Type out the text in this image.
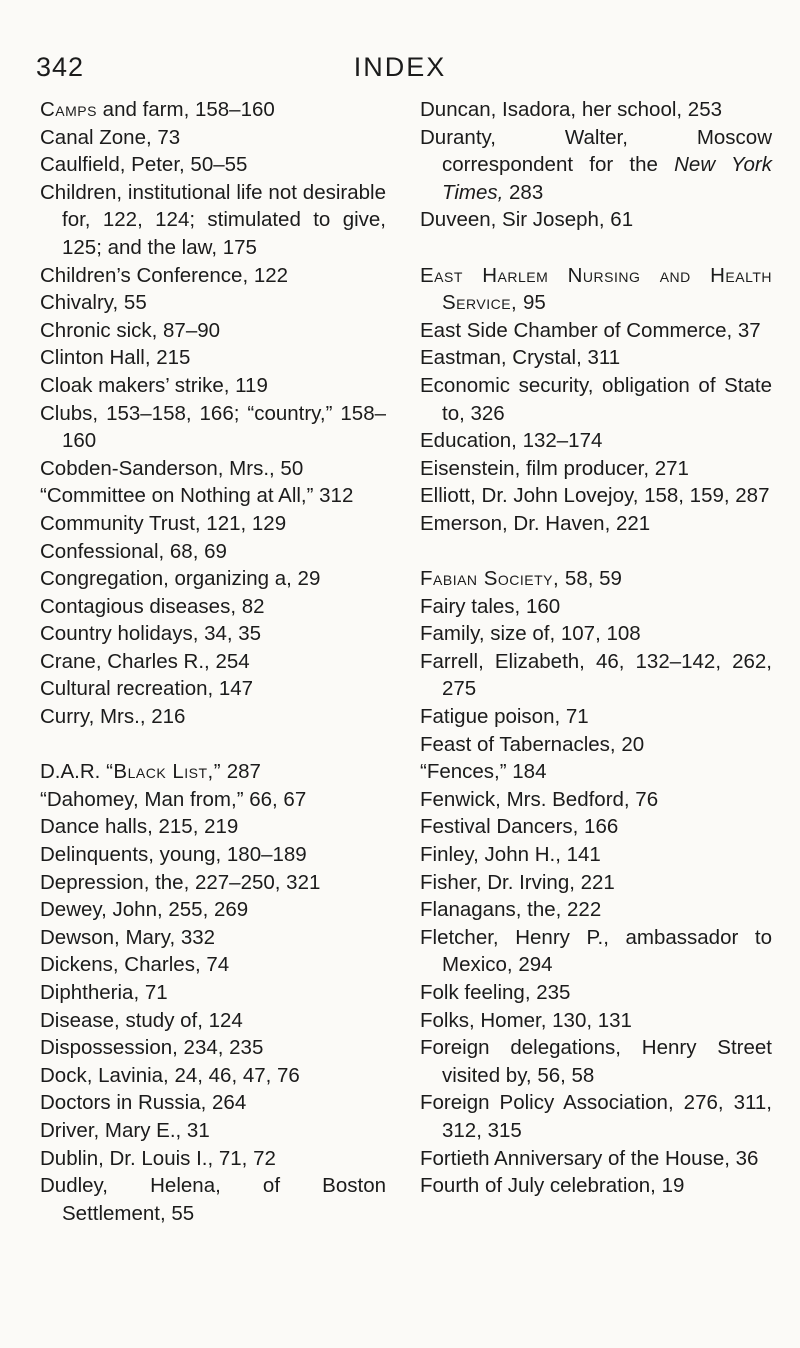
342	INDEX

Camps and farm, 158–160

Canal Zone, 73

Caulfield, Peter, 50–55

Children, institutional life not desirable for, 122, 124; stimulated to give, 125; and the law, 175

Children’s Conference, 122

Chivalry, 55

Chronic sick, 87–90

Clinton Hall, 215

Cloak makers’ strike, 119

Clubs, 153–158, 166; “country,” 158–160

Cobden-Sanderson, Mrs., 50

“Committee on Nothing at All,” 312

Community Trust, 121, 129

Confessional, 68, 69

Congregation, organizing a, 29

Contagious diseases, 82

Country holidays, 34, 35

Crane, Charles R., 254

Cultural recreation, 147

Curry, Mrs., 216

D.A.R. “Black List,” 287

“Dahomey, Man from,” 66, 67

Dance halls, 215, 219

Delinquents, young, 180–189

Depression, the, 227–250, 321

Dewey, John, 255, 269

Dewson, Mary, 332

Dickens, Charles, 74

Diphtheria, 71

Disease, study of, 124

Dispossession, 234, 235

Dock, Lavinia, 24, 46, 47, 76

Doctors in Russia, 264

Driver, Mary E., 31

Dublin, Dr. Louis I., 71, 72

Dudley, Helena, of Boston Settlement, 55

Duncan, Isadora, her school, 253

Duranty, Walter, Moscow correspondent for the New York Times, 283

Duveen, Sir Joseph, 61

East Harlem Nursing and Health Service, 95

East Side Chamber of Commerce, 37

Eastman, Crystal, 311

Economic security, obligation of State to, 326

Education, 132–174

Eisenstein, film producer, 271

Elliott, Dr. John Lovejoy, 158, 159, 287

Emerson, Dr. Haven, 221

Fabian Society, 58, 59

Fairy tales, 160

Family, size of, 107, 108

Farrell, Elizabeth, 46, 132–142, 262, 275

Fatigue poison, 71

Feast of Tabernacles, 20

“Fences,” 184

Fenwick, Mrs. Bedford, 76

Festival Dancers, 166

Finley, John H., 141

Fisher, Dr. Irving, 221

Flanagans, the, 222

Fletcher, Henry P., ambassador to Mexico, 294

Folk feeling, 235

Folks, Homer, 130, 131

Foreign delegations, Henry Street visited by, 56, 58

Foreign Policy Association, 276, 311, 312, 315

Fortieth Anniversary of the House, 36

Fourth of July celebration, 19
